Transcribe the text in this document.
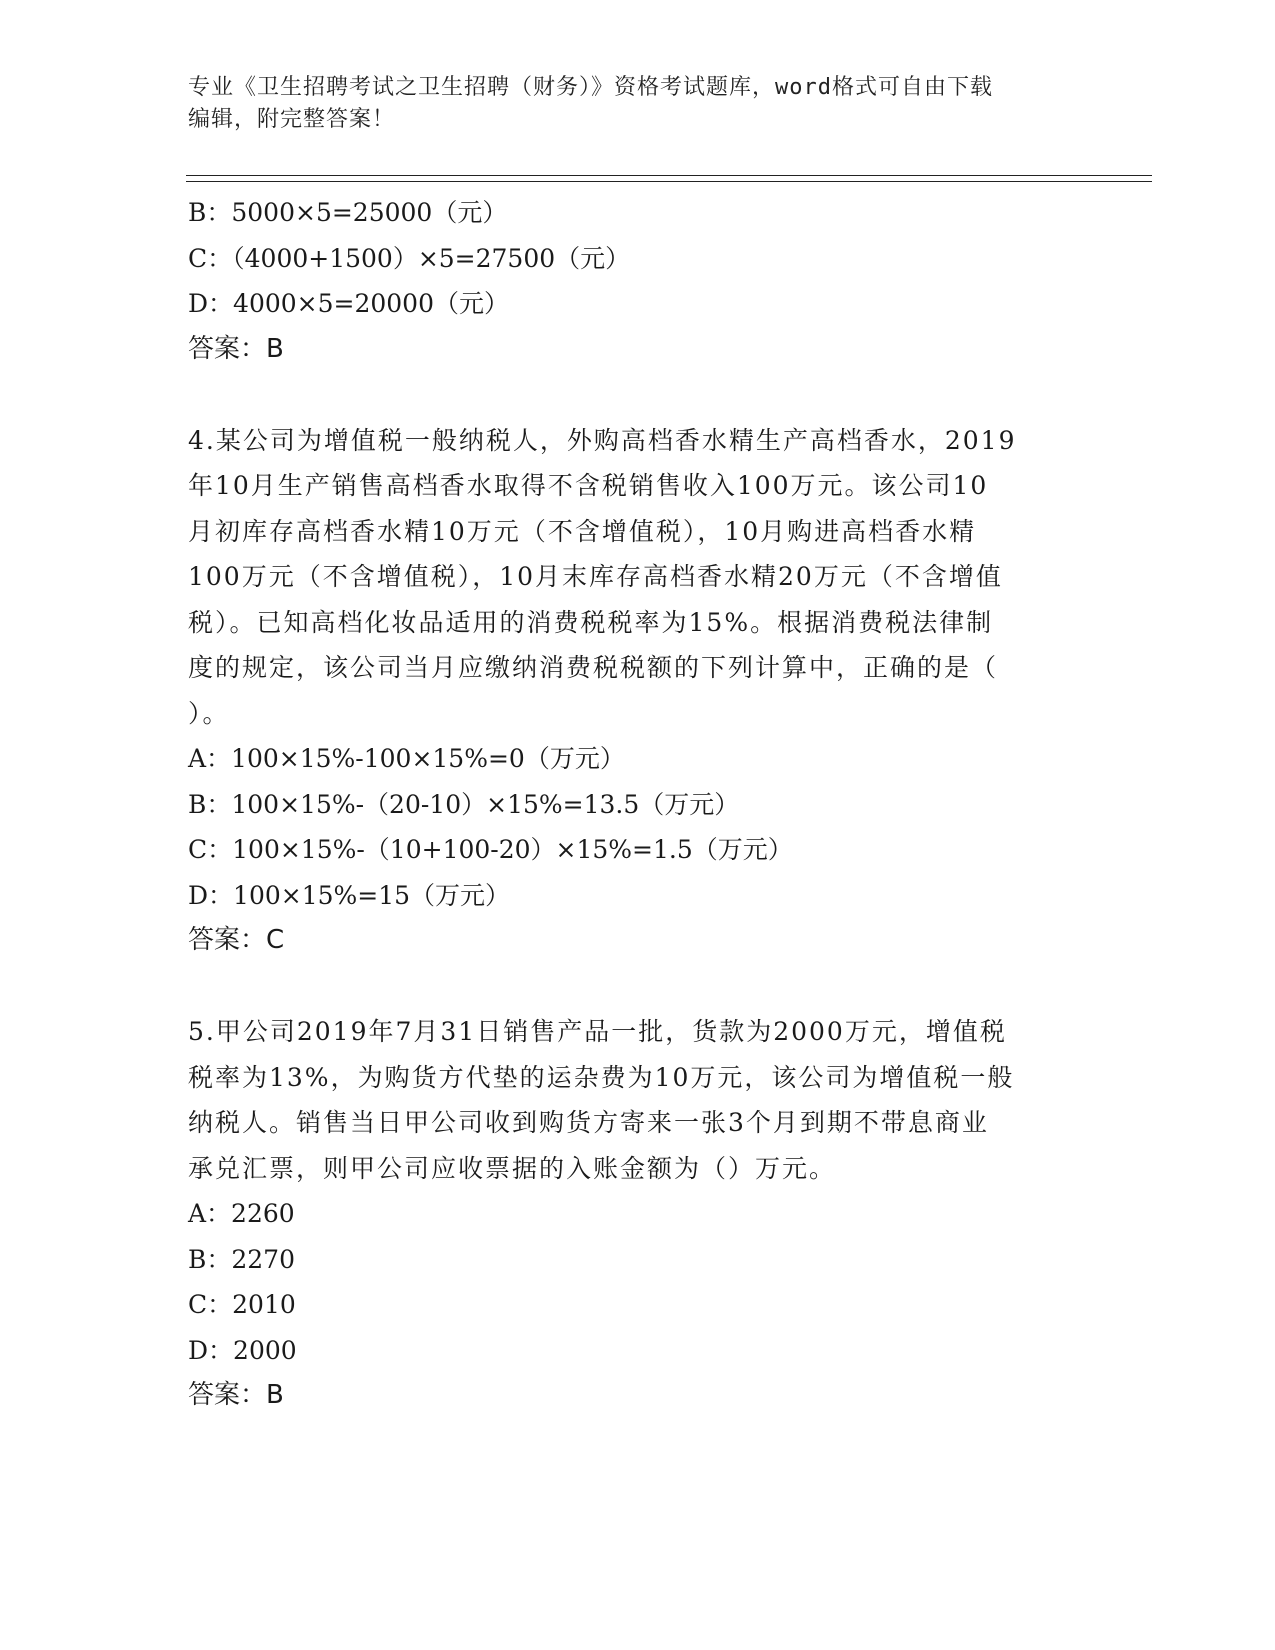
专业《卫生招聘考试之卫生招聘（财务）》资格考试题库，word格式可自由下载
编辑，附完整答案！
B：5000×5=25000（元）
C：（4000+1500）×5=27500（元）
D：4000×5=20000（元）
答案：B
4.某公司为增值税一般纳税人，外购高档香水精生产高档香水，2019
年10月生产销售高档香水取得不含税销售收入100万元。该公司10
月初库存高档香水精10万元（不含增值税），10月购进高档香水精
100万元（不含增值税），10月末库存高档香水精20万元（不含增值
税）。已知高档化妆品适用的消费税税率为15%。根据消费税法律制
度的规定，该公司当月应缴纳消费税税额的下列计算中，正确的是（
）。
A：100×15%-100×15%=0（万元）
B：100×15%-（20-10）×15%=13.5（万元）
C：100×15%-（10+100-20）×15%=1.5（万元）
D：100×15%=15（万元）
答案：C
5.甲公司2019年7月31日销售产品一批，货款为2000万元，增值税
税率为13%，为购货方代垫的运杂费为10万元，该公司为增值税一般
纳税人。销售当日甲公司收到购货方寄来一张3个月到期不带息商业
承兑汇票，则甲公司应收票据的入账金额为（）万元。
A：2260
B：2270
C：2010
D：2000
答案：B
